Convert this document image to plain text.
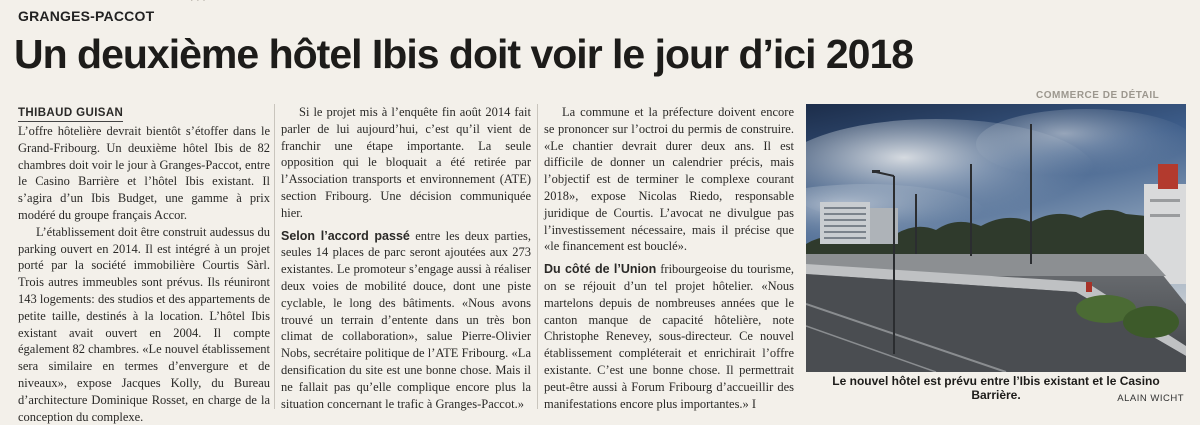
· · ·
COMMERCE DE DÉTAIL
GRANGES-PACCOT
Un deuxième hôtel Ibis doit voir le jour d’ici 2018
THIBAUD GUISAN

L’offre hôtelière devrait bientôt s’étoffer dans le Grand-Fribourg. Un deuxième hôtel Ibis de 82 chambres doit voir le jour à Granges-Paccot, entre le Casino Barrière et l’hôtel Ibis existant. Il s’agira d’un Ibis Budget, une gamme à prix modéré du groupe français Accor.

L’établissement doit être construit audessus du parking ouvert en 2014. Il est intégré à un projet porté par la société immobilière Courtis Sàrl. Trois autres immeubles sont prévus. Ils réuniront 143 logements: des studios et des appartements de petite taille, destinés à la location. L’hôtel Ibis existant avait ouvert en 2004. Il compte également 82 chambres. «Le nouvel établissement sera similaire en termes d’envergure et de niveaux», expose Jacques Kolly, du Bureau d’architecture Dominique Rosset, en charge de la conception du complexe.

Si le projet mis à l’enquête fin août 2014 fait parler de lui aujourd’hui, c’est qu’il vient de franchir une étape importante. La seule opposition qui le bloquait a été retirée par l’Association transports et environnement (ATE) section Fribourg. Une décision communiquée hier.

Selon l’accord passé entre les deux parties, seules 14 places de parc seront ajoutées aux 273 existantes. Le promoteur s’engage aussi à réaliser deux voies de mobilité douce, dont une piste cyclable, le long des bâtiments. «Nous avons trouvé un terrain d’entente dans un très bon climat de collaboration», salue Pierre-Olivier Nobs, secrétaire politique de l’ATE Fribourg. «La densification du site est une bonne chose. Mais il ne fallait pas qu’elle complique encore plus la situation concernant le trafic à Granges-Paccot.»

La commune et la préfecture doivent encore se prononcer sur l’octroi du permis de construire. «Le chantier devrait durer deux ans. Il est difficile de donner un calendrier précis, mais l’objectif est de terminer le complexe courant 2018», expose Nicolas Riedo, responsable juridique de Courtis. L’avocat ne divulgue pas l’investissement nécessaire, mais il précise que «le financement est bouclé».

Du côté de l’Union fribourgeoise du tourisme, on se réjouit d’un tel projet hôtelier. «Nous martelons depuis de nombreuses années que le canton manque de capacité hôtelière, note Christophe Renevey, sous-directeur. Ce nouvel établissement compléterait et enrichirait l’offre existante. C’est une bonne chose. Il permettrait peut-être aussi à Forum Fribourg d’accueillir des manifestations encore plus importantes.» I

Le nouvel hôtel est prévu entre l’Ibis existant et le Casino Barrière.	ALAIN WICHT
